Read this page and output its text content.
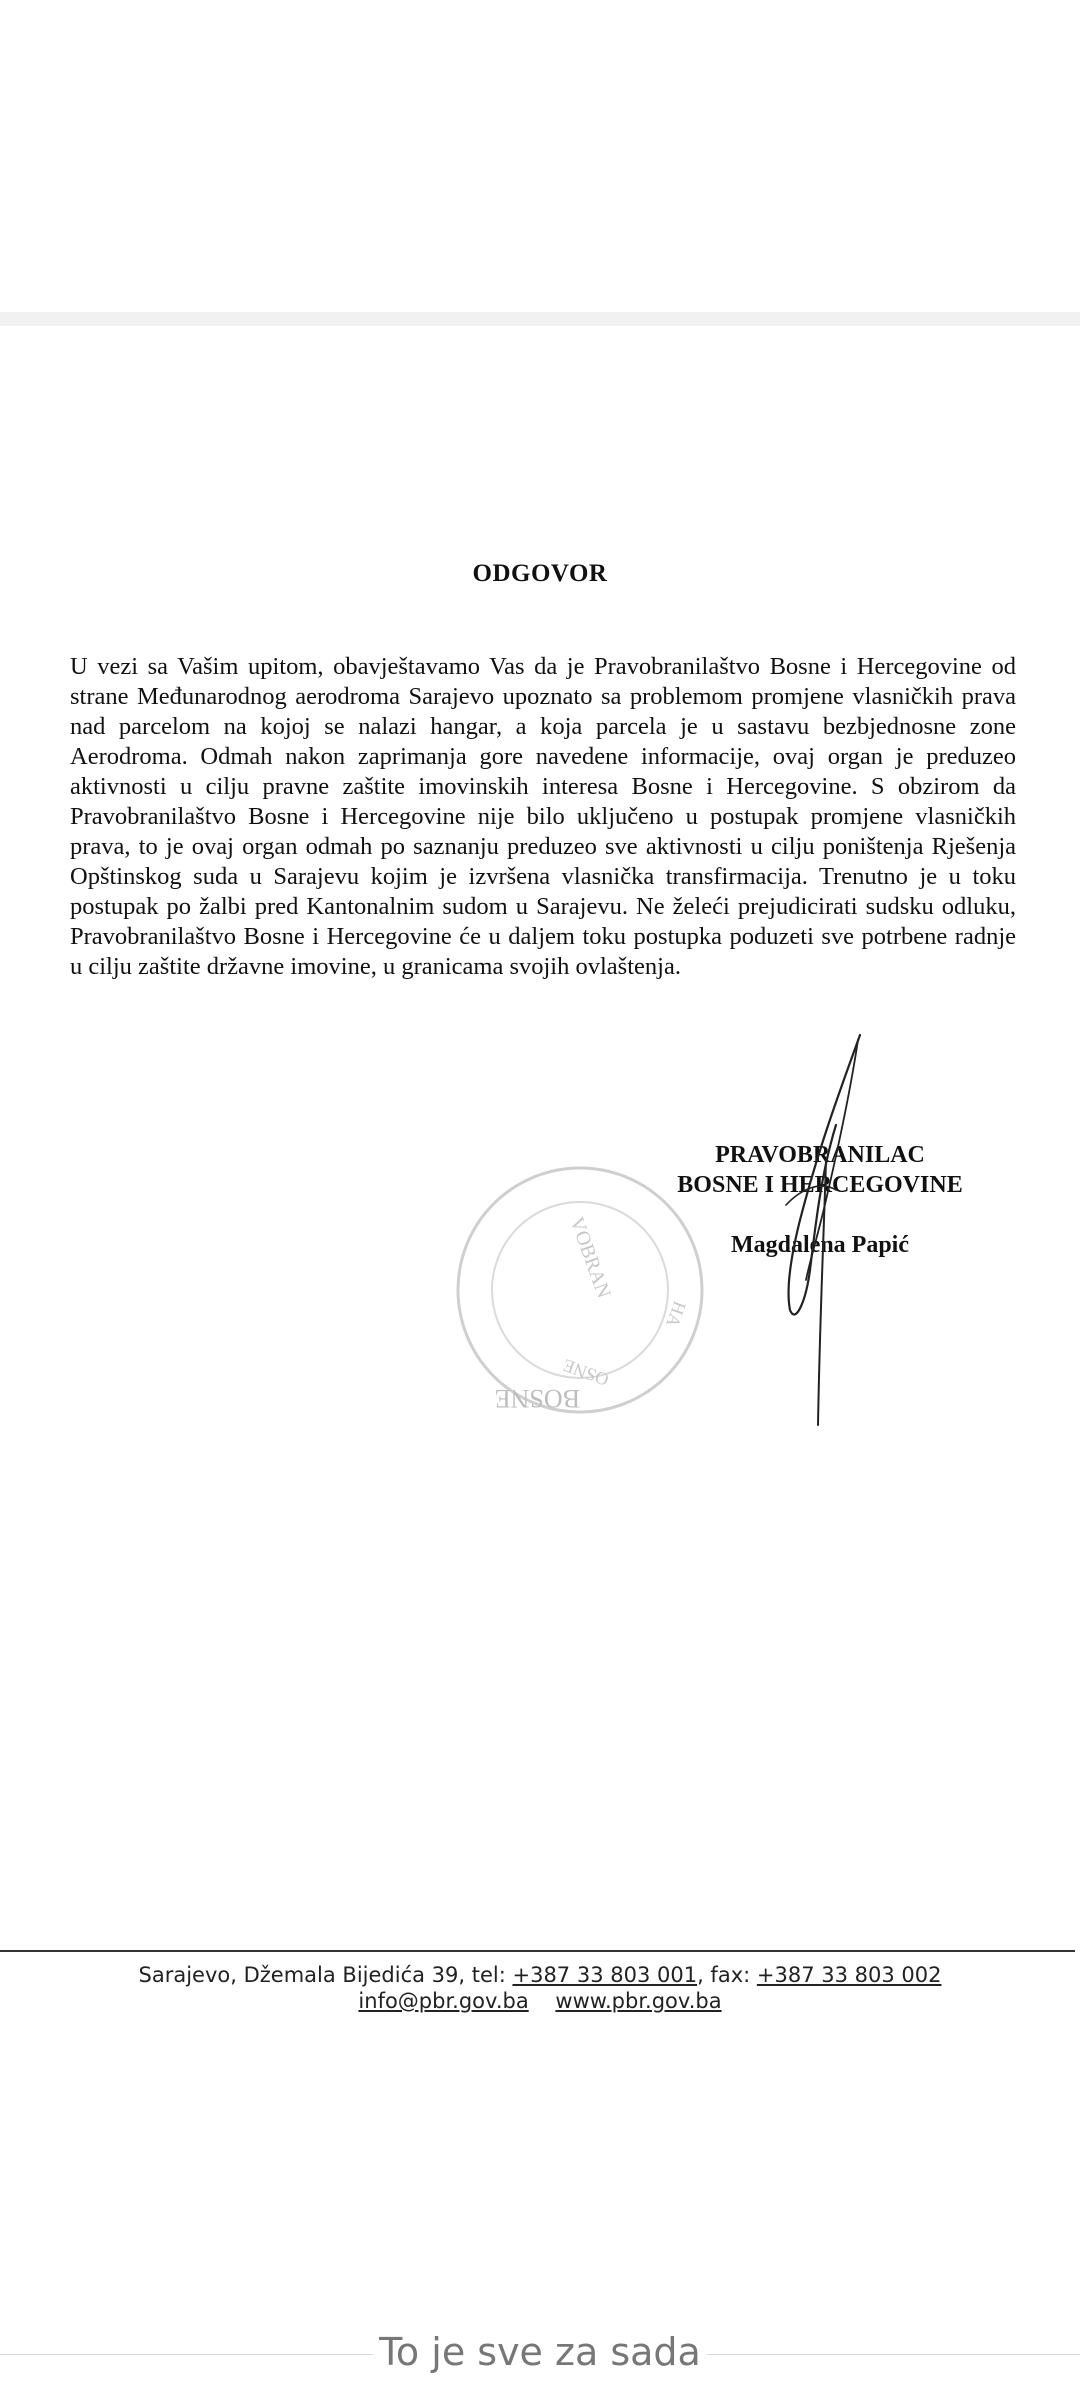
ODGOVOR

U vezi sa Vašim upitom, obavještavamo Vas da je Pravobranilaštvo Bosne i Hercegovine od strane Međunarodnog aerodroma Sarajevo upoznato sa problemom promjene vlasničkih prava nad parcelom na kojoj se nalazi hangar, a koja parcela je u sastavu bezbjednosne zone Aerodroma. Odmah nakon zaprimanja gore navedene informacije, ovaj organ je preduzeo aktivnosti u cilju pravne zaštite imovinskih interesa Bosne i Hercegovine. S obzirom da Pravobranilaštvo Bosne i Hercegovine nije bilo uključeno u postupak promjene vlasničkih prava, to je ovaj organ odmah po saznanju preduzeo sve aktivnosti u cilju poništenja Rješenja Opštinskog suda u Sarajevu kojim je izvršena vlasnička transfirmacija. Trenutno je u toku postupak po žalbi pred Kantonalnim sudom u Sarajevu. Ne želeći prejudicirati sudsku odluku, Pravobranilaštvo Bosne i Hercegovine će u daljem toku postupka poduzeti sve potrbene radnje u cilju zaštite državne imovine, u granicama svojih ovlaštenja.

BOSNE
VOBRAN
OSNE
HA
PRAVOBRANILAC
BOSNE I HERCEGOVINE
Magdalena Papić
Sarajevo, Džemala Bijedića 39, tel: +387 33 803 001, fax: +387 33 803 002
info@pbr.gov.ba www.pbr.gov.ba
To je sve za sada
